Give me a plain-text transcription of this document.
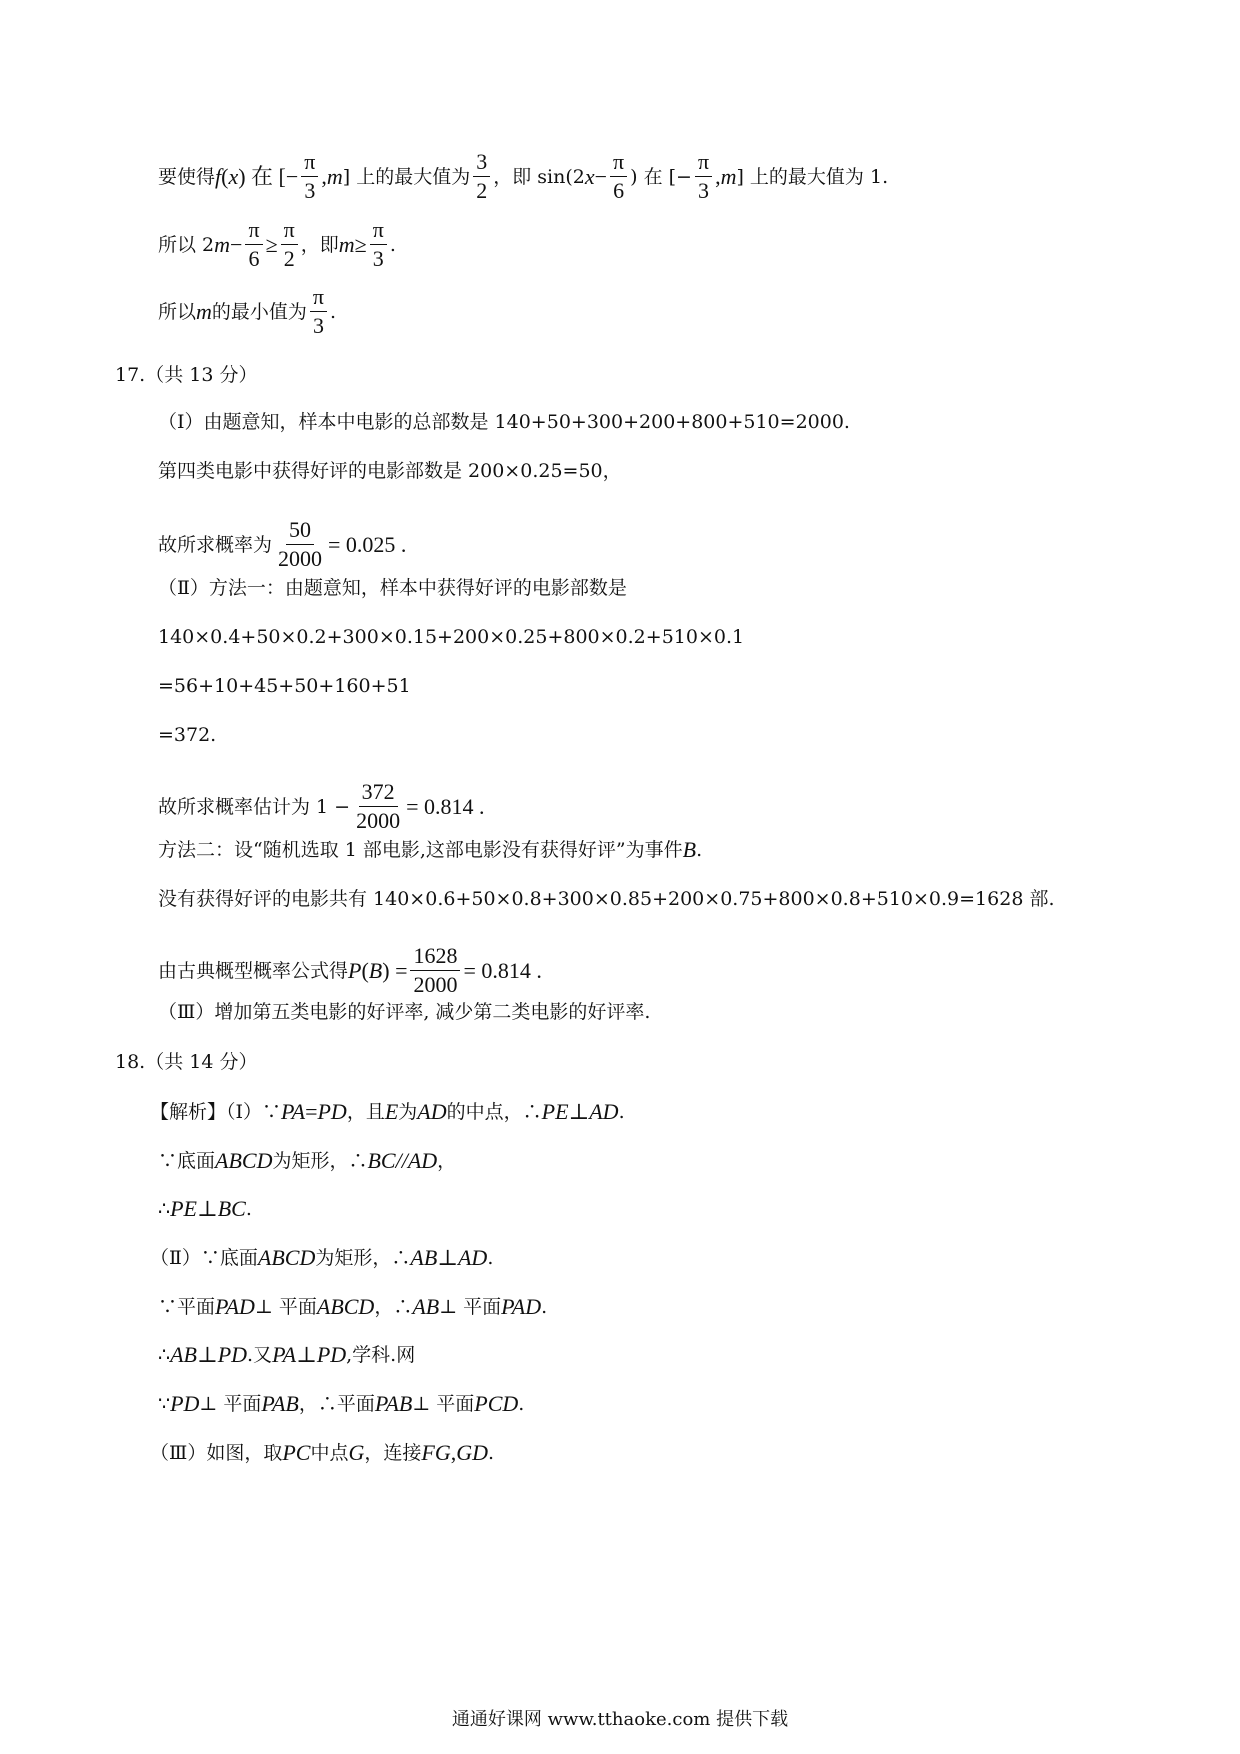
要使得 f ( x ) 在 [− $\frac{\pi}{3}$ , m ] 上的最大值为 $\frac{3}{2}$ ，即 sin(2 $x - \frac{\pi}{6}$ ) 在 [− $\frac{\pi}{3}$ , m ] 上的最大值为 1.
所以 2 $m - \frac{\pi}{6} \ge \frac{\pi}{2}$ ，即 $m \ge \frac{\pi}{3}$ .
所以 m 的最小值为 $\frac{\pi}{3}$ .
17.（共 13 分）
（Ⅰ）由题意知，样本中电影的总部数是 140+50+300+200+800+510=2000.
第四类电影中获得好评的电影部数是 200×0.25=50，
故所求概率为 $\frac{50}{2000} = 0.025$ .
（Ⅱ）方法一：由题意知，样本中获得好评的电影部数是
140×0.4+50×0.2+300×0.15+200×0.25+800×0.2+510×0.1
=56+10+45+50+160+51
=372.
故所求概率估计为 $1 - \frac{372}{2000} = 0.814$ .
方法二：设“随机选取 1 部电影,这部电影没有获得好评”为事件 B .
没有获得好评的电影共有 140×0.6+50×0.8+300×0.85+200×0.75+800×0.8+510×0.9=1628 部.
由古典概型概率公式得 P ( B ) = $\frac{1628}{2000} = 0.814$ .
（Ⅲ）增加第五类电影的好评率, 减少第二类电影的好评率.
18.（共 14 分）
【解析】（Ⅰ）∵ PA = PD ，且 E 为 AD 的中点，∴ PE ⊥ AD .
∵底面 ABCD 为矩形，∴ BC // AD ，
∴ PE ⊥ BC .
（Ⅱ）∵底面 ABCD 为矩形，∴ AB ⊥ AD .
∵平面 PAD ⊥ 平面 ABCD ，∴ AB ⊥ 平面 PAD .
∴ AB ⊥ PD .又 PA ⊥ PD ,学科.网
∵ PD ⊥ 平面 PAB ，∴平面 PAB ⊥ 平面 PCD .
（Ⅲ）如图，取 PC 中点 G ，连接 FG , GD .
通通好课网 www.tthaoke.com 提供下载
